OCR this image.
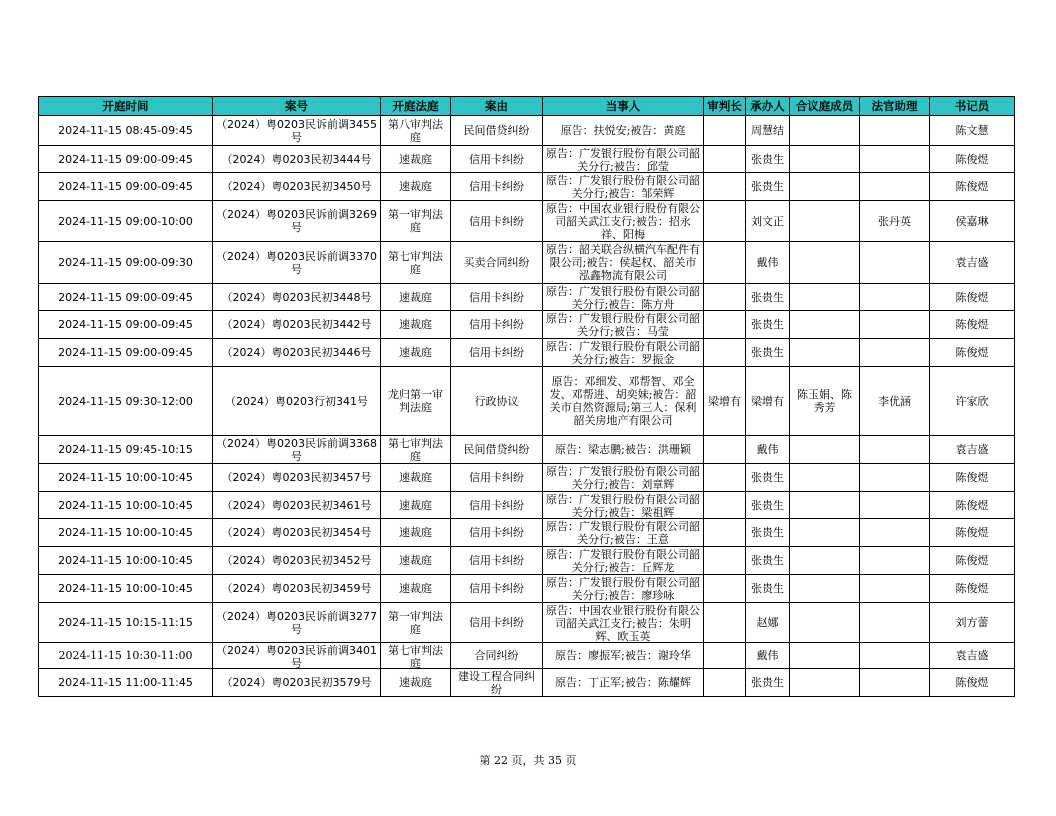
开庭时间	案号	开庭法庭	案由	当事人	审判长	承办人	合议庭成员	法官助理	书记员

2024-11-15 08:45-09:45	（2024）粤0203民诉前调3455号	第八审判法庭	民间借贷纠纷	原告：扶悦安;被告：黄庭		周慧结			陈文慧

2024-11-15 09:00-09:45	（2024）粤0203民初3444号	速裁庭	信用卡纠纷	原告：广发银行股份有限公司韶关分行;被告：邱莹		张贵生			陈俊煜

2024-11-15 09:00-09:45	（2024）粤0203民初3450号	速裁庭	信用卡纠纷	原告：广发银行股份有限公司韶关分行;被告：邹荣辉		张贵生			陈俊煜

2024-11-15 09:00-10:00	（2024）粤0203民诉前调3269号	第一审判法庭	信用卡纠纷	原告：中国农业银行股份有限公司韶关武江支行;被告：招永祥、阳梅		刘文正		张丹英	侯嘉琳

2024-11-15 09:00-09:30	（2024）粤0203民诉前调3370号	第七审判法庭	买卖合同纠纷	原告：韶关联合纵横汽车配件有限公司;被告：侯起权、韶关市泓鑫物流有限公司		戴伟			袁吉盛

2024-11-15 09:00-09:45	（2024）粤0203民初3448号	速裁庭	信用卡纠纷	原告：广发银行股份有限公司韶关分行;被告：陈方舟		张贵生			陈俊煜

2024-11-15 09:00-09:45	（2024）粤0203民初3442号	速裁庭	信用卡纠纷	原告：广发银行股份有限公司韶关分行;被告：马莹		张贵生			陈俊煜

2024-11-15 09:00-09:45	（2024）粤0203民初3446号	速裁庭	信用卡纠纷	原告：广发银行股份有限公司韶关分行;被告：罗振金		张贵生			陈俊煜

2024-11-15 09:30-12:00	（2024）粤0203行初341号	龙归第一审判法庭	行政协议	原告：邓细发、邓帮智、邓全发、邓帮进、胡奕妹;被告：韶关市自然资源局;第三人：保利韶关房地产有限公司	梁增有	梁增有	陈玉娟、陈秀芳	李优涵	许家欣

2024-11-15 09:45-10:15	（2024）粤0203民诉前调3368号	第七审判法庭	民间借贷纠纷	原告：梁志鹏;被告：洪珊颖		戴伟			袁吉盛

2024-11-15 10:00-10:45	（2024）粤0203民初3457号	速裁庭	信用卡纠纷	原告：广发银行股份有限公司韶关分行;被告：刘章辉		张贵生			陈俊煜

2024-11-15 10:00-10:45	（2024）粤0203民初3461号	速裁庭	信用卡纠纷	原告：广发银行股份有限公司韶关分行;被告：梁祖辉		张贵生			陈俊煜

2024-11-15 10:00-10:45	（2024）粤0203民初3454号	速裁庭	信用卡纠纷	原告：广发银行股份有限公司韶关分行;被告：王意		张贵生			陈俊煜

2024-11-15 10:00-10:45	（2024）粤0203民初3452号	速裁庭	信用卡纠纷	原告：广发银行股份有限公司韶关分行;被告：丘辉龙		张贵生			陈俊煜

2024-11-15 10:00-10:45	（2024）粤0203民初3459号	速裁庭	信用卡纠纷	原告：广发银行股份有限公司韶关分行;被告：廖珍咏		张贵生			陈俊煜

2024-11-15 10:15-11:15	（2024）粤0203民诉前调3277号	第一审判法庭	信用卡纠纷	原告：中国农业银行股份有限公司韶关武江支行;被告：朱明辉、欧玉英		赵娜			刘方蕾

2024-11-15 10:30-11:00	（2024）粤0203民诉前调3401号	第七审判法庭	合同纠纷	原告：廖振军;被告：谢玲华		戴伟			袁吉盛

2024-11-15 11:00-11:45	（2024）粤0203民初3579号	速裁庭	建设工程合同纠纷	原告：丁正军;被告：陈耀辉		张贵生			陈俊煜
第 22 页，共 35 页
